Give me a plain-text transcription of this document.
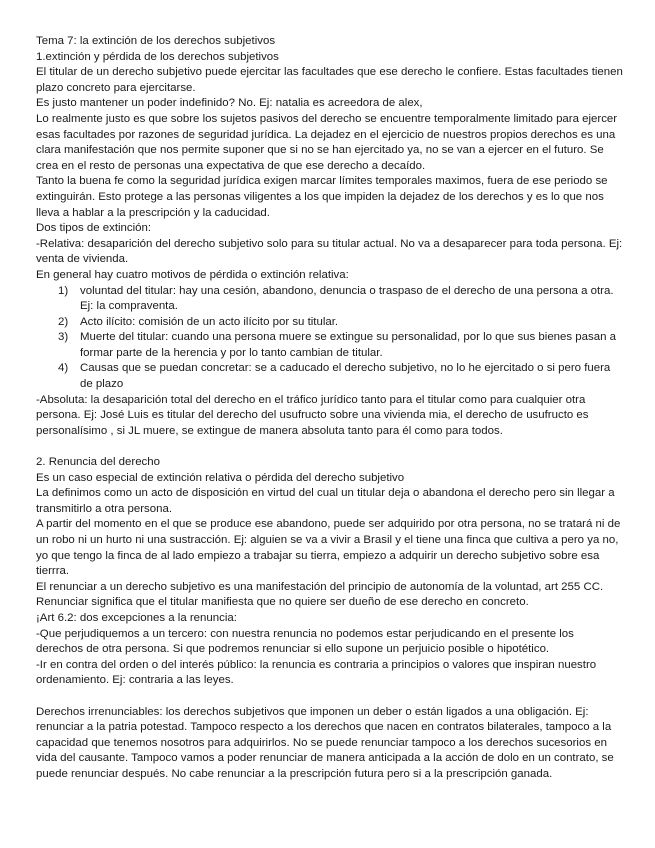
Tema 7: la extinción de los derechos subjetivos

1.extinción y pérdida de los derechos subjetivos

El titular de un derecho subjetivo puede ejercitar las facultades que ese derecho le confiere. Estas facultades tienen plazo concreto para ejercitarse.

Es justo mantener un poder indefinido? No. Ej: natalia es acreedora de alex,

Lo realmente justo es que sobre los sujetos pasivos del derecho se encuentre temporalmente limitado para ejercer esas facultades por razones de seguridad jurídica. La dejadez en el ejercicio de nuestros propios derechos es una clara manifestación que nos permite suponer que si no se han ejercitado ya, no se van a ejercer en el futuro. Se crea en el resto de personas una expectativa de que ese derecho a decaído.

Tanto la buena fe como la seguridad jurídica exigen marcar límites temporales maximos, fuera de ese periodo se extinguirán. Esto protege a las personas viligentes a los que impiden la dejadez de los derechos y es lo que nos lleva a hablar a la prescripción y la caducidad.

Dos tipos de extinción:

-Relativa: desaparición del derecho subjetivo solo para su titular actual. No va a desaparecer para toda persona. Ej: venta de vivienda.

En general hay cuatro motivos de pérdida o extinción relativa:

1) voluntad del titular: hay una cesión, abandono, denuncia o traspaso de el derecho de una persona a otra. Ej: la compraventa.
2) Acto ilícito: comisión de un acto ilícito por su titular.
3) Muerte del titular: cuando una persona muere se extingue su personalidad, por lo que sus bienes pasan a formar parte de la herencia y por lo tanto cambian de titular.
4) Causas que se puedan concretar: se a caducado el derecho subjetivo, no lo he ejercitado o si pero fuera de plazo

-Absoluta: la desaparición total del derecho en el tráfico jurídico tanto para el titular como para cualquier otra persona. Ej: José Luis es titular del derecho del usufructo sobre una vivienda mia, el derecho de usufructo es personalísimo , si JL muere, se extingue de manera absoluta tanto para él como para todos.

2. Renuncia del derecho

Es un caso especial de extinción relativa o pérdida del derecho subjetivo

La definimos como un acto de disposición en virtud del cual un titular deja o abandona el derecho pero sin llegar a transmitirlo a otra persona.

A partir del momento en el que se produce ese abandono, puede ser adquirido por otra persona, no se tratará ni de un robo ni un hurto ni una sustracción. Ej: alguien se va a vivir a Brasil y el tiene una finca que cultiva a pero ya no, yo que tengo la finca de al lado empiezo a trabajar su tierra, empiezo a adquirir un derecho subjetivo sobre esa tierrra.

El renunciar a un derecho subjetivo es una manifestación del principio de autonomía de la voluntad, art 255 CC. Renunciar significa que el titular manifiesta que no quiere ser dueño de ese derecho en concreto.

¡Art 6.2: dos excepciones a la renuncia:

-Que perjudiquemos a un tercero: con nuestra renuncia no podemos estar perjudicando en el presente los derechos de otra persona. Si que podremos renunciar si ello supone un perjuicio posible o hipotético.

-Ir en contra del orden o del interés público: la renuncia es contraria a principios o valores que inspiran nuestro ordenamiento. Ej: contraria a las leyes.

Derechos irrenunciables: los derechos subjetivos que imponen un deber o están ligados a una obligación. Ej: renunciar a la patria potestad. Tampoco respecto a los derechos que nacen en contratos bilaterales, tampoco a la capacidad que tenemos nosotros para adquirirlos. No se puede renunciar tampoco a los derechos sucesorios en vida del causante. Tampoco vamos a poder renunciar de manera anticipada a la acción de dolo en un contrato, se puede renunciar después. No cabe renunciar a la prescripción futura pero si a la prescripción ganada.
